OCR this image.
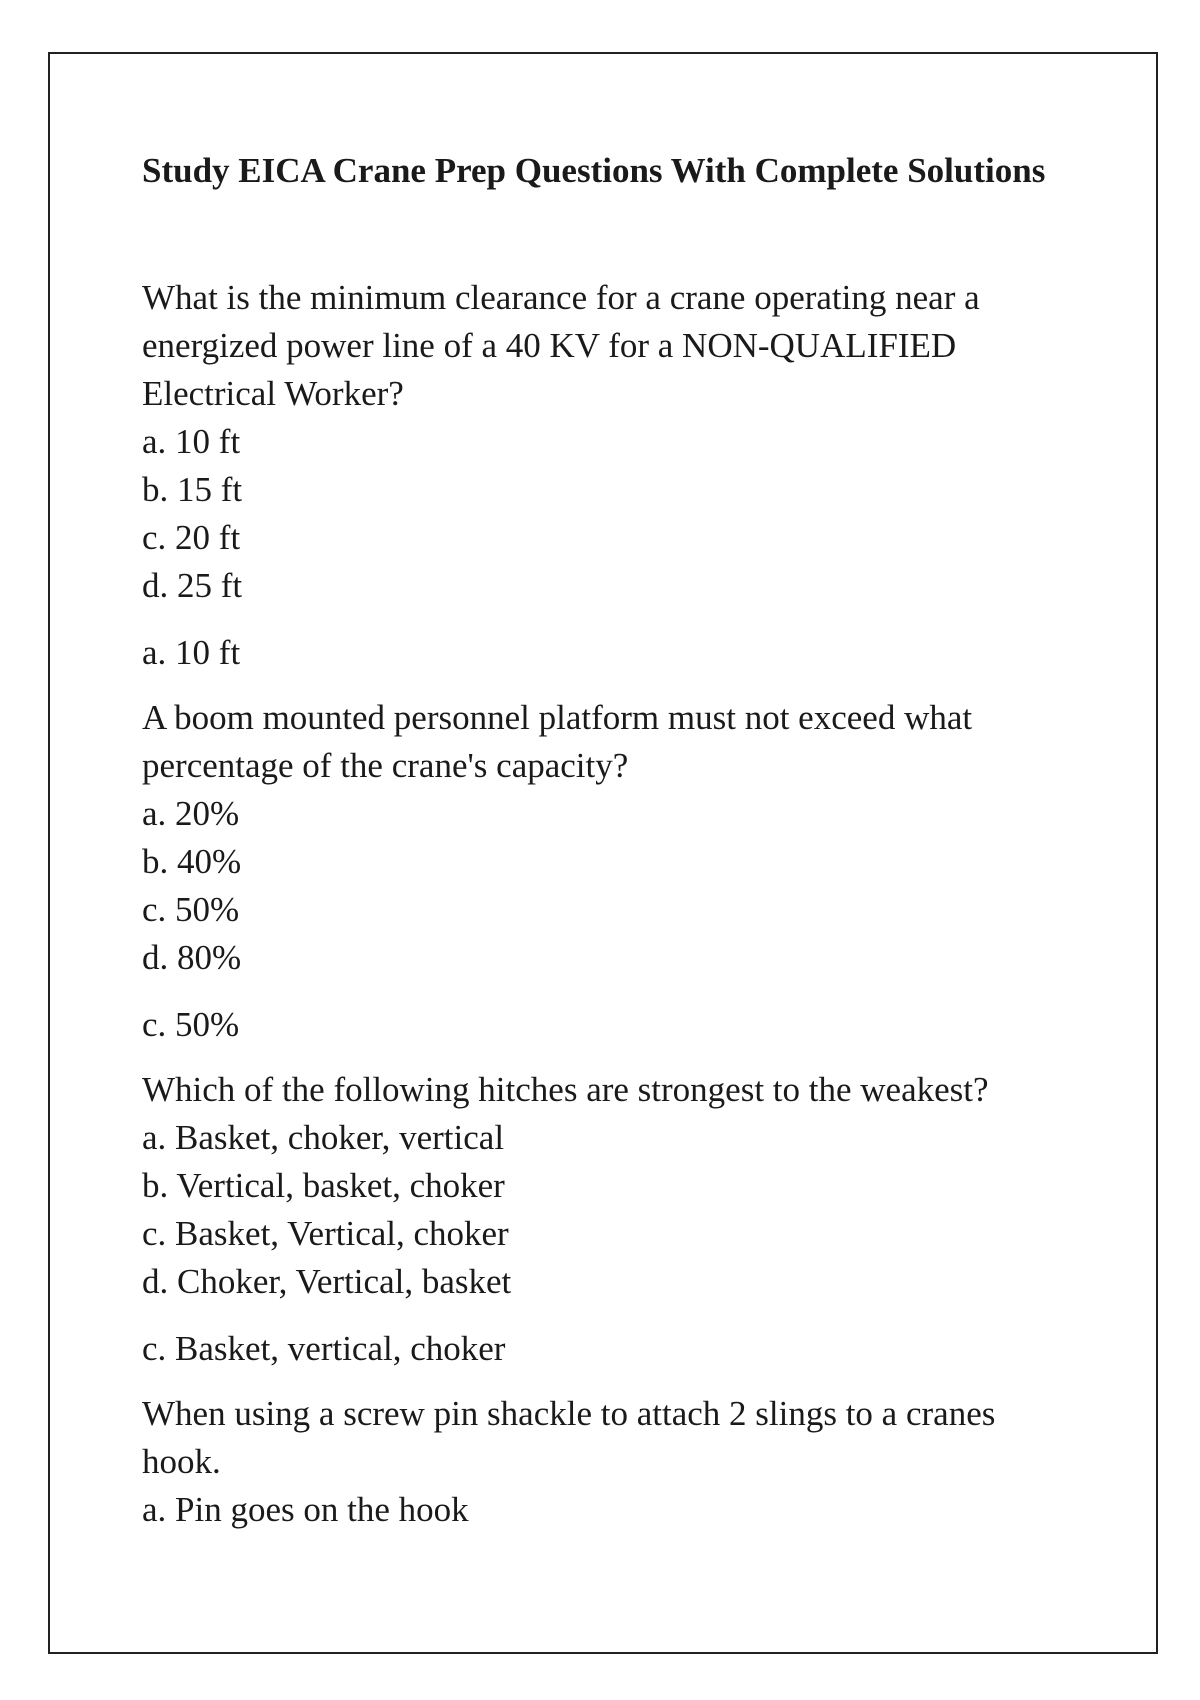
Study EICA Crane Prep Questions With Complete Solutions

What is the minimum clearance for a crane operating near a energized power line of a 40 KV for a NON-QUALIFIED Electrical Worker?

a. 10 ft
b. 15 ft
c. 20 ft
d. 25 ft

a. 10 ft

A boom mounted personnel platform must not exceed what percentage of the crane's capacity?

a. 20%
b. 40%
c. 50%
d. 80%

c. 50%

Which of the following hitches are strongest to the weakest?

a. Basket, choker, vertical
b. Vertical, basket, choker
c. Basket, Vertical, choker
d. Choker, Vertical, basket

c. Basket, vertical, choker

When using a screw pin shackle to attach 2 slings to a cranes hook.

a. Pin goes on the hook
